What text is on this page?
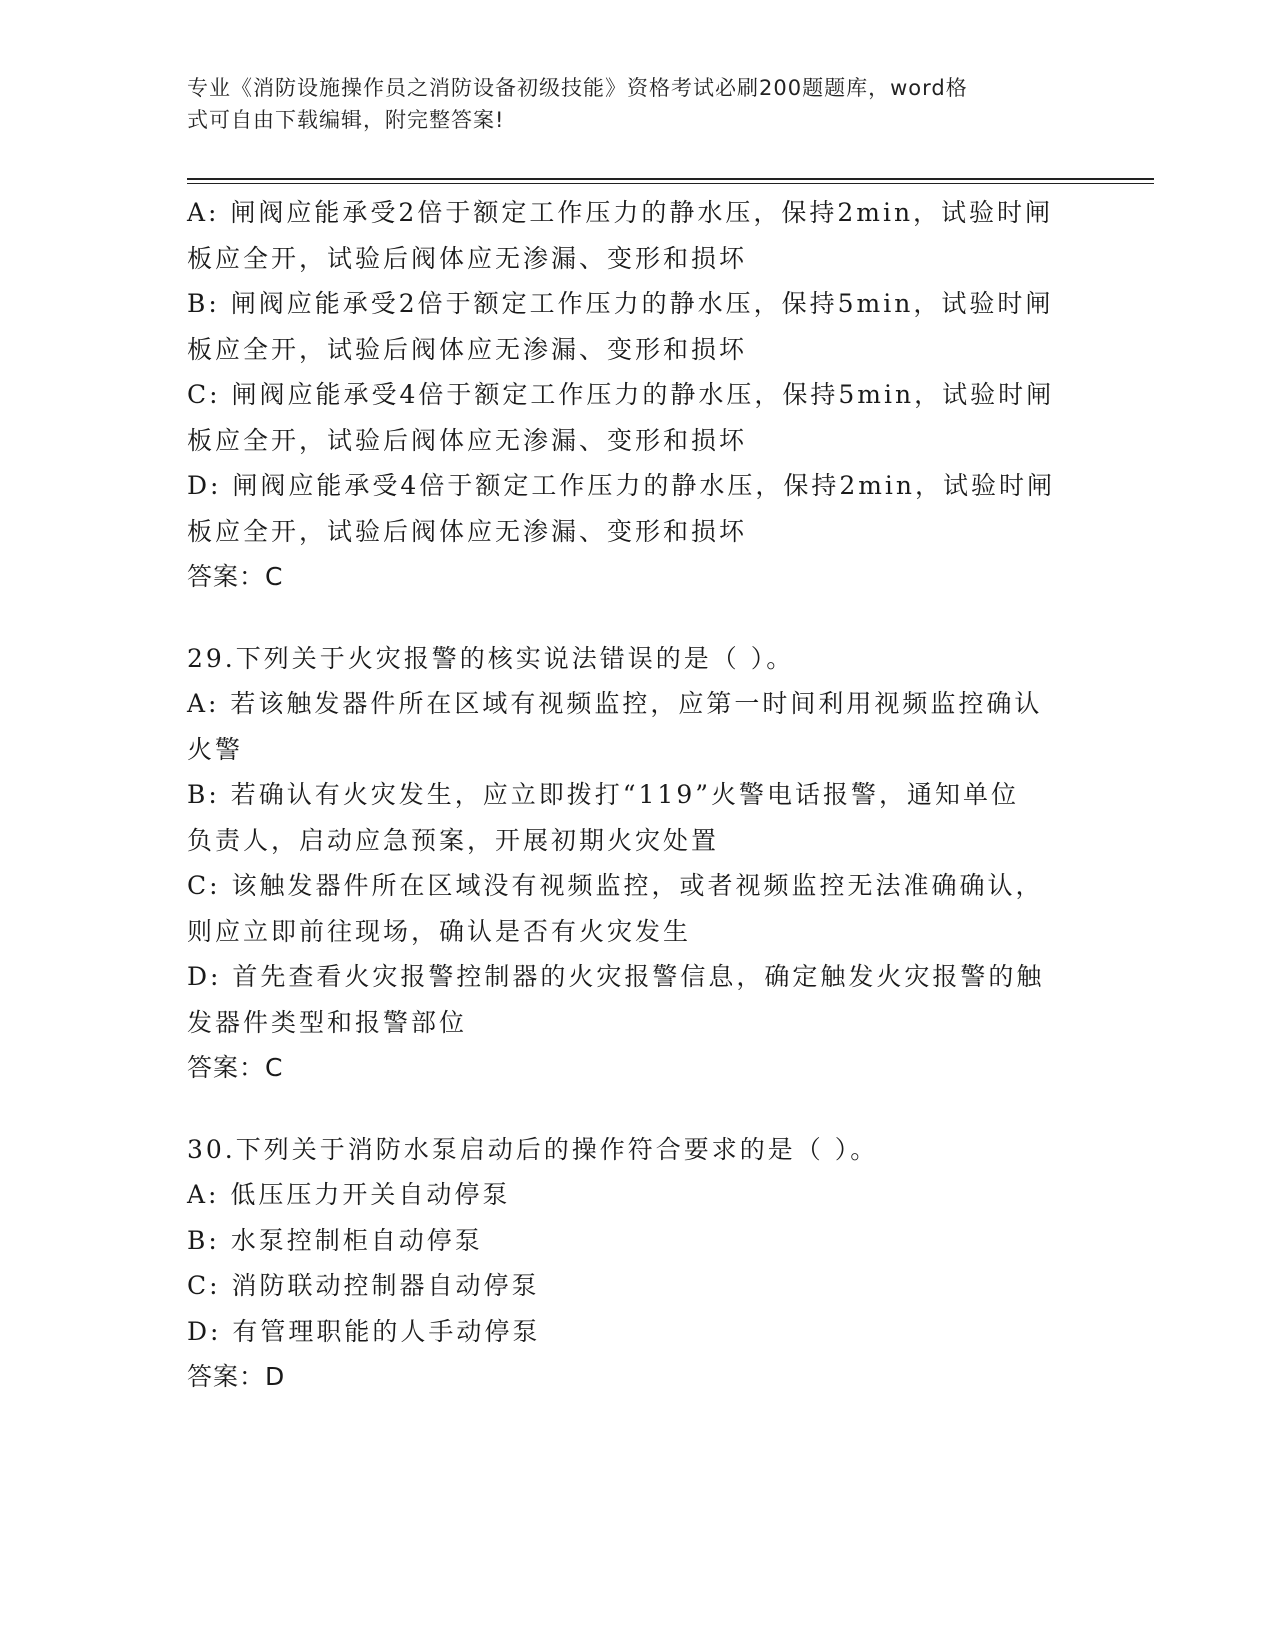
专业《消防设施操作员之消防设备初级技能》资格考试必刷200题题库，word格
式可自由下载编辑，附完整答案!
A: 闸阀应能承受2倍于额定工作压力的静水压，保持2min，试验时闸
板应全开，试验后阀体应无渗漏、变形和损坏
B: 闸阀应能承受2倍于额定工作压力的静水压，保持5min，试验时闸
板应全开，试验后阀体应无渗漏、变形和损坏
C: 闸阀应能承受4倍于额定工作压力的静水压，保持5min，试验时闸
板应全开，试验后阀体应无渗漏、变形和损坏
D: 闸阀应能承受4倍于额定工作压力的静水压，保持2min，试验时闸
板应全开，试验后阀体应无渗漏、变形和损坏
答案：C
29.下列关于火灾报警的核实说法错误的是（ ）。
A: 若该触发器件所在区域有视频监控，应第一时间利用视频监控确认
火警
B: 若确认有火灾发生，应立即拨打“119”火警电话报警，通知单位
负责人，启动应急预案，开展初期火灾处置
C: 该触发器件所在区域没有视频监控，或者视频监控无法准确确认，
则应立即前往现场，确认是否有火灾发生
D: 首先查看火灾报警控制器的火灾报警信息，确定触发火灾报警的触
发器件类型和报警部位
答案：C
30.下列关于消防水泵启动后的操作符合要求的是（ ）。
A: 低压压力开关自动停泵
B: 水泵控制柜自动停泵
C: 消防联动控制器自动停泵
D: 有管理职能的人手动停泵
答案：D
